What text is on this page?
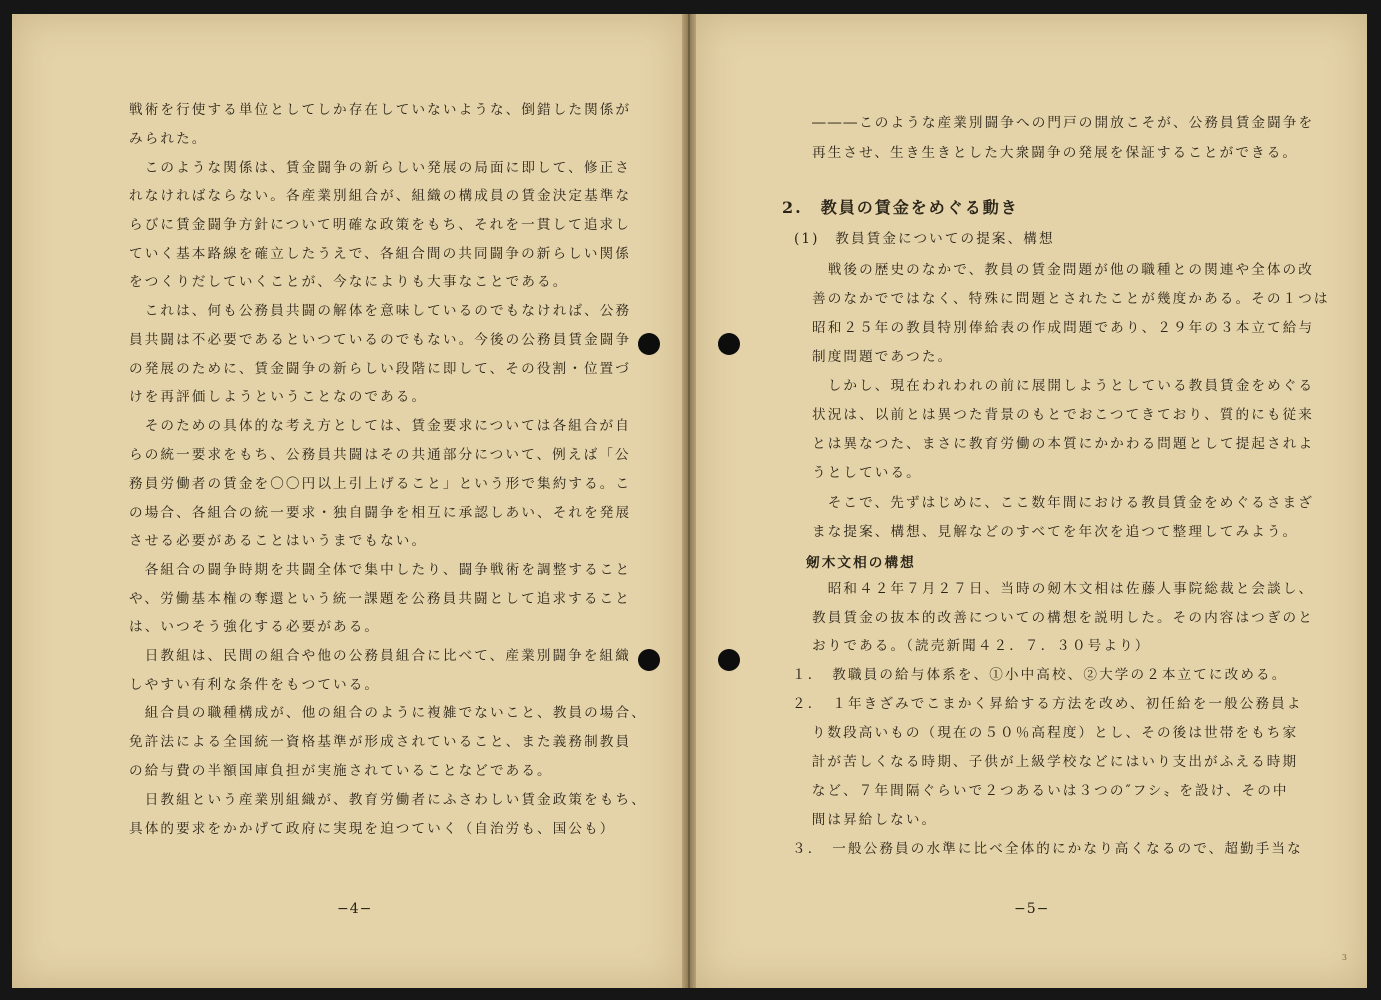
戦術を行使する単位としてしか存在していないような、倒錯した関係が
みられた。
　このような関係は、賃金闘争の新らしい発展の局面に即して、修正さ
れなければならない。各産業別組合が、組織の構成員の賃金決定基準な
らびに賃金闘争方針について明確な政策をもち、それを一貫して追求し
ていく基本路線を確立したうえで、各組合間の共同闘争の新らしい関係
をつくりだしていくことが、今なによりも大事なことである。
　これは、何も公務員共闘の解体を意味しているのでもなければ、公務
員共闘は不必要であるといつているのでもない。今後の公務員賃金闘争
の発展のために、賃金闘争の新らしい段階に即して、その役割・位置づ
けを再評価しようということなのである。
　そのための具体的な考え方としては、賃金要求については各組合が自
らの統一要求をもち、公務員共闘はその共通部分について、例えば「公
務員労働者の賃金を〇〇円以上引上げること」という形で集約する。こ
の場合、各組合の統一要求・独自闘争を相互に承認しあい、それを発展
させる必要があることはいうまでもない。
　各組合の闘争時期を共闘全体で集中したり、闘争戦術を調整すること
や、労働基本権の奪還という統一課題を公務員共闘として追求すること
は、いつそう強化する必要がある。
　日教組は、民間の組合や他の公務員組合に比べて、産業別闘争を組織
しやすい有利な条件をもつている。
　組合員の職種構成が、他の組合のように複雑でないこと、教員の場合、
免許法による全国統一資格基準が形成されていること、また義務制教員
の給与費の半額国庫負担が実施されていることなどである。
　日教組という産業別組織が、教育労働者にふさわしい賃金政策をもち、
具体的要求をかかげて政府に実現を迫つていく（自治労も、国公も）
−4−
―――このような産業別闘争への門戸の開放こそが、公務員賃金闘争を
再生させ、生き生きとした大衆闘争の発展を保証することができる。
2.　教員の賃金をめぐる動き
(1)　教員賃金についての提案、構想
　戦後の歴史のなかで、教員の賃金問題が他の職種との関連や全体の改
善のなかでではなく、特殊に問題とされたことが幾度かある。その１つは
昭和２５年の教員特別俸給表の作成問題であり、２９年の３本立て給与
制度問題であつた。
　しかし、現在われわれの前に展開しようとしている教員賃金をめぐる
状況は、以前とは異つた背景のもとでおこつてきており、質的にも従来
とは異なつた、まさに教育労働の本質にかかわる問題として提起されよ
うとしている。
　そこで、先ずはじめに、ここ数年間における教員賃金をめぐるさまざ
まな提案、構想、見解などのすべてを年次を追つて整理してみよう。
剱木文相の構想
　昭和４２年７月２７日、当時の剱木文相は佐藤人事院総裁と会談し、
教員賃金の抜本的改善についての構想を説明した。その内容はつぎのと
おりである。（読売新聞４２．７．３０号より）
１．　教職員の給与体系を、①小中高校、②大学の２本立てに改める。
２．　１年きざみでこまかく昇給する方法を改め、初任給を一般公務員よ
　り数段高いもの（現在の５０％高程度）とし、その後は世帯をもち家
　計が苦しくなる時期、子供が上級学校などにはいり支出がふえる時期
　など、７年間隔ぐらいで２つあるいは３つの″フシ〟を設け、その中
　間は昇給しない。
３．　一般公務員の水準に比べ全体的にかなり高くなるので、超勤手当な
−5−
3
